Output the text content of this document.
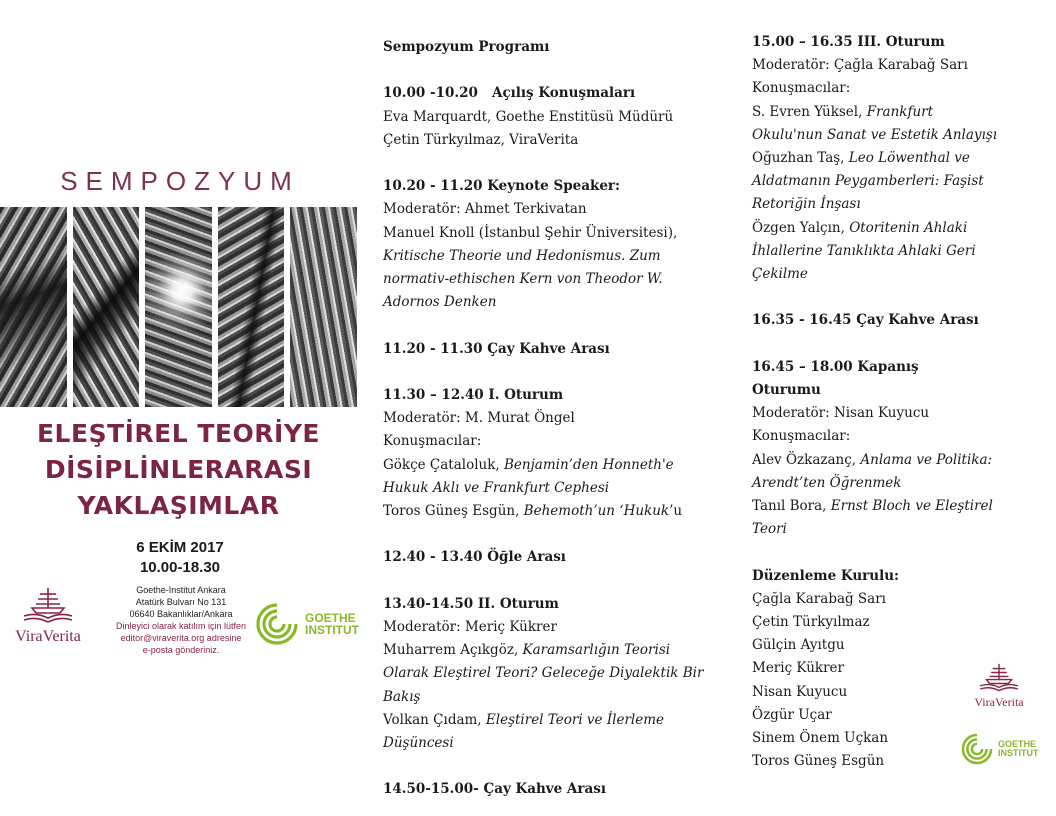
SEMPOZYUM
ELEŞTİREL TEORİYE
DİSİPLİNLERARASI
YAKLAŞIMLAR
6 EKİM 2017
10.00-18.30
Goethe-Institut Ankara
Atatürk Bulvarı No 131
06640 Bakanlıklar/Ankara
Dinleyici olarak katılım için lütfen
editor@viraverita.org adresine
e-posta gönderiniz.
ViraVerita
GOETHE
INSTITUT

Sempozyum Programı

10.00 -10.20 Açılış Konuşmaları

Eva Marquardt, Goethe Enstitüsü Müdürü

Çetin Türkyılmaz, ViraVerita

10.20 - 11.20 Keynote Speaker:

Moderatör: Ahmet Terkivatan

Manuel Knoll (İstanbul Şehir Üniversitesi),

Kritische Theorie und Hedonismus. Zum

normativ-ethischen Kern von Theodor W.

Adornos Denken

11.20 - 11.30 Çay Kahve Arası

11.30 – 12.40 I. Oturum

Moderatör: M. Murat Öngel

Konuşmacılar:

Gökçe Çataloluk, Benjamin’den Honneth'e

Hukuk Aklı ve Frankfurt Cephesi

Toros Güneş Esgün, Behemoth’un ‘Hukuk’u

12.40 - 13.40 Öğle Arası

13.40-14.50 II. Oturum

Moderatör: Meriç Kükrer

Muharrem Açıkgöz, Karamsarlığın Teorisi

Olarak Eleştirel Teori? Geleceğe Diyalektik Bir

Bakış

Volkan Çıdam, Eleştirel Teori ve İlerleme

Düşüncesi

14.50-15.00- Çay Kahve Arası

15.00 – 16.35 III. Oturum

Moderatör: Çağla Karabağ Sarı

Konuşmacılar:

S. Evren Yüksel, Frankfurt

Okulu'nun Sanat ve Estetik Anlayışı

Oğuzhan Taş, Leo Löwenthal ve

Aldatmanın Peygamberleri: Faşist

Retoriğin İnşası

Özgen Yalçın, Otoritenin Ahlaki

İhlallerine Tanıklıkta Ahlaki Geri

Çekilme

16.35 - 16.45 Çay Kahve Arası

16.45 – 18.00 Kapanış

Oturumu

Moderatör: Nisan Kuyucu

Konuşmacılar:

Alev Özkazanç, Anlama ve Politika:

Arendt’ten Öğrenmek

Tanıl Bora, Ernst Bloch ve Eleştirel

Teori

Düzenleme Kurulu:

Çağla Karabağ Sarı

Çetin Türkyılmaz

Gülçin Ayıtgu

Meriç Kükrer

Nisan Kuyucu

Özgür Uçar

Sinem Önem Uçkan

Toros Güneş Esgün

ViraVerita
GOETHE
INSTITUT
